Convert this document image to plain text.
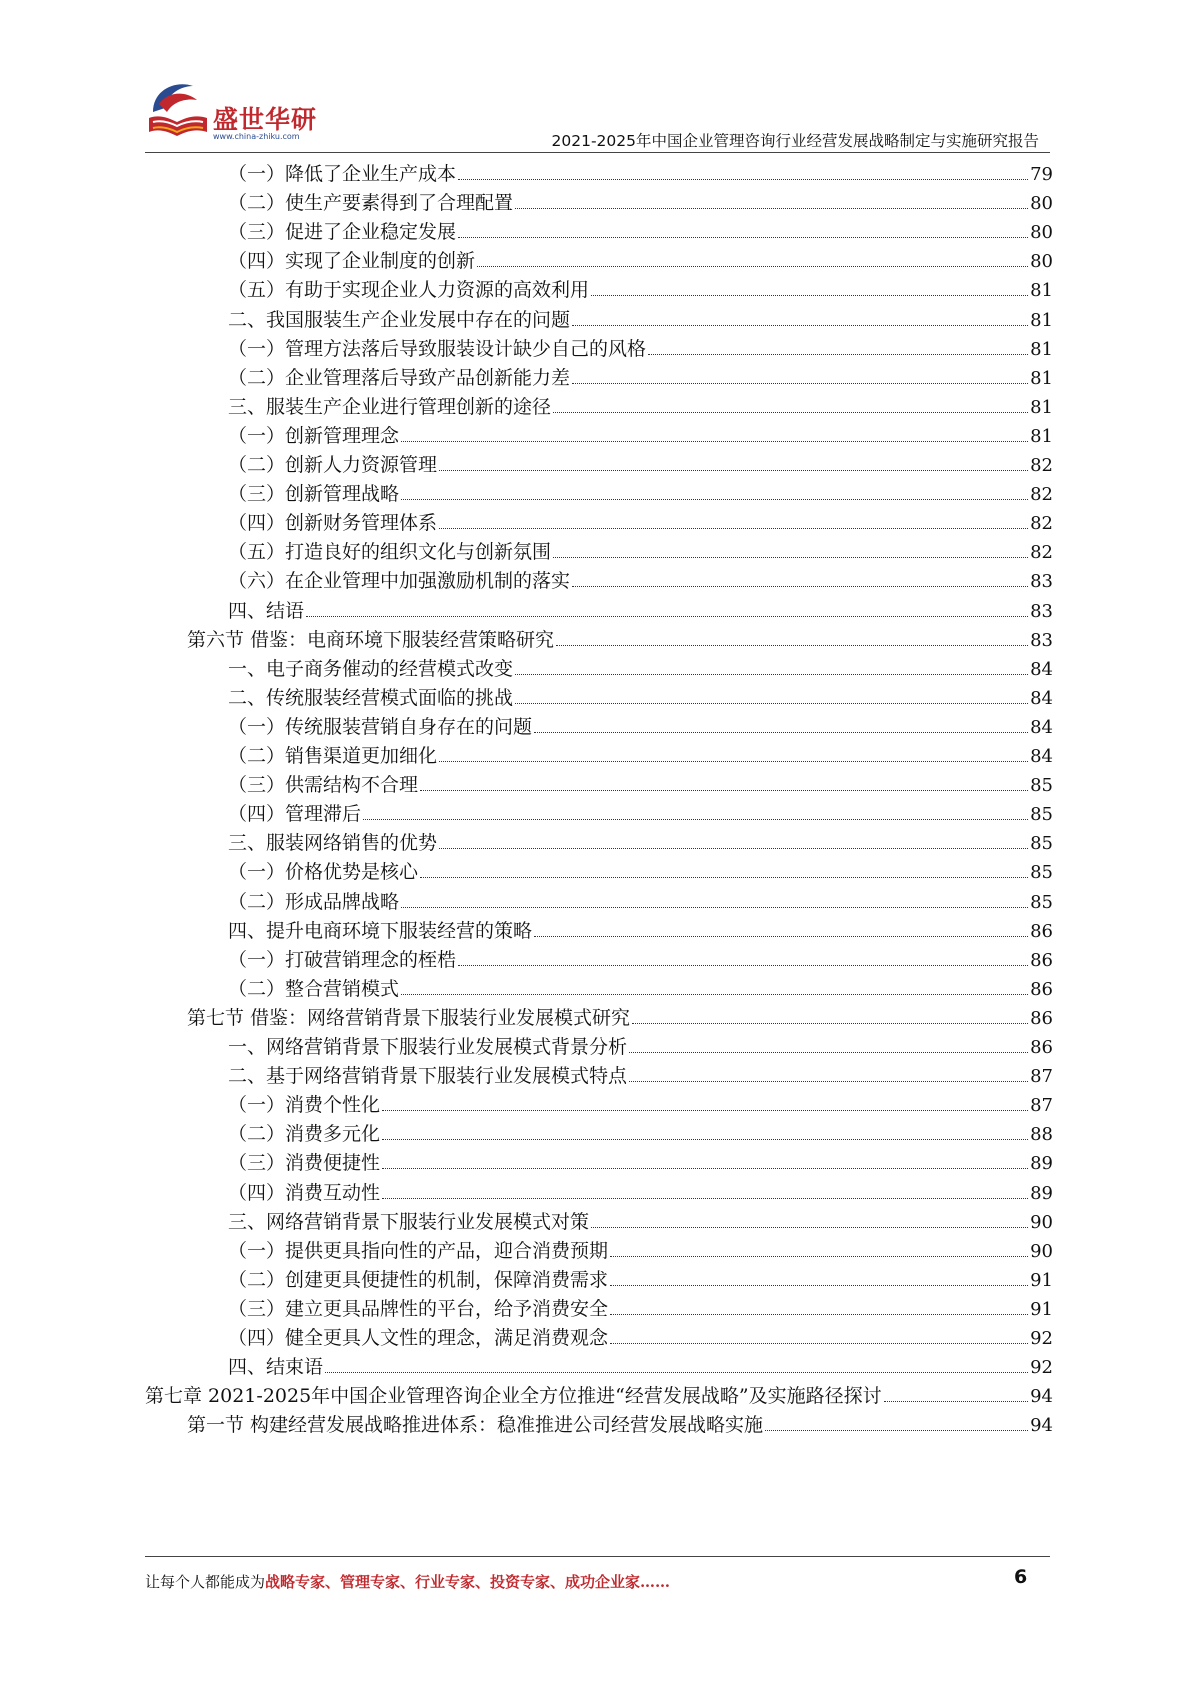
盛世华研
www.china-zhiku.com	2021-2025年中国企业管理咨询行业经营发展战略制定与实施研究报告
（一）降低了企业生产成本	79
（二）使生产要素得到了合理配置	80
（三）促进了企业稳定发展	80
（四）实现了企业制度的创新	80
（五）有助于实现企业人力资源的高效利用	81
二、我国服装生产企业发展中存在的问题	81
（一）管理方法落后导致服装设计缺少自己的风格	81
（二）企业管理落后导致产品创新能力差	81
三、服装生产企业进行管理创新的途径	81
（一）创新管理理念	81
（二）创新人力资源管理	82
（三）创新管理战略	82
（四）创新财务管理体系	82
（五）打造良好的组织文化与创新氛围	82
（六）在企业管理中加强激励机制的落实	83
四、结语	83
第六节 借鉴：电商环境下服装经营策略研究	83
一、电子商务催动的经营模式改变	84
二、传统服装经营模式面临的挑战	84
（一）传统服装营销自身存在的问题	84
（二）销售渠道更加细化	84
（三）供需结构不合理	85
（四）管理滞后	85
三、服装网络销售的优势	85
（一）价格优势是核心	85
（二）形成品牌战略	85
四、提升电商环境下服装经营的策略	86
（一）打破营销理念的桎梏	86
（二）整合营销模式	86
第七节 借鉴：网络营销背景下服装行业发展模式研究	86
一、网络营销背景下服装行业发展模式背景分析	86
二、基于网络营销背景下服装行业发展模式特点	87
（一）消费个性化	87
（二）消费多元化	88
（三）消费便捷性	89
（四）消费互动性	89
三、网络营销背景下服装行业发展模式对策	90
（一）提供更具指向性的产品，迎合消费预期	90
（二）创建更具便捷性的机制，保障消费需求	91
（三）建立更具品牌性的平台，给予消费安全	91
（四）健全更具人文性的理念，满足消费观念	92
四、结束语	92
第七章 2021-2025年中国企业管理咨询企业全方位推进“经营发展战略”及实施路径探讨	94
第一节 构建经营发展战略推进体系：稳准推进公司经营发展战略实施	94
让每个人都能成为战略专家、管理专家、行业专家、投资专家、成功企业家……	6
